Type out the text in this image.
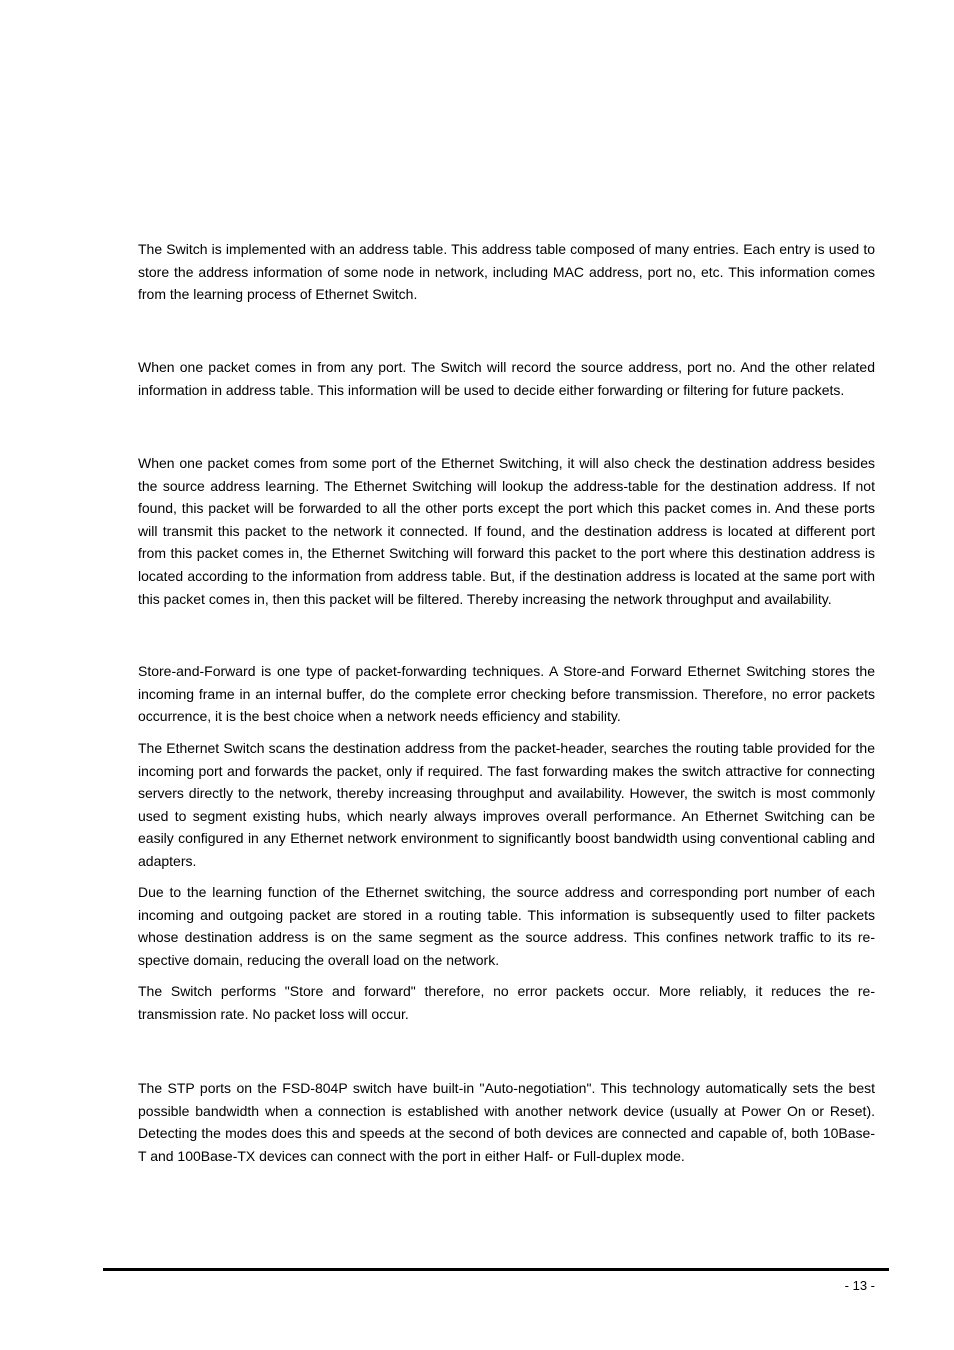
The Switch is implemented with an address table. This address table composed of many entries. Each entry is used to store the address information of some node in network, including MAC address, port no, etc. This information comes from the learning process of Ethernet Switch.

When one packet comes in from any port. The Switch will record the source address, port no. And the other related information in address table. This information will be used to decide either forwarding or filtering for future packets.

When one packet comes from some port of the Ethernet Switching, it will also check the destination address besides the source address learning. The Ethernet Switching will lookup the address-table for the destination address. If not found, this packet will be forwarded to all the other ports except the port which this packet comes in. And these ports will transmit this packet to the network it connected. If found, and the destination address is located at different port from this packet comes in, the Ethernet Switching will forward this packet to the port where this destination address is located according to the information from address table. But, if the destination address is located at the same port with this packet comes in, then this packet will be filtered. Thereby increasing the network throughput and availability.

Store-and-Forward is one type of packet-forwarding techniques. A Store-and Forward Ethernet Switching stores the incoming frame in an internal buffer, do the complete error checking before transmission. Therefore, no error packets occurrence, it is the best choice when a network needs efficiency and stability.

The Ethernet Switch scans the destination address from the packet-header, searches the routing table provided for the incoming port and forwards the packet, only if required. The fast forwarding makes the switch attractive for connecting servers directly to the network, thereby increasing throughput and availability. However, the switch is most commonly used to segment existing hubs, which nearly always improves overall performance. An Ethernet Switching can be easily configured in any Ethernet network environment to significantly boost bandwidth using conventional cabling and adapters.

Due to the learning function of the Ethernet switching, the source address and corresponding port number of each incoming and outgoing packet are stored in a routing table. This information is subsequently used to filter packets whose destination address is on the same segment as the source address. This confines network traffic to its re-spective domain, reducing the overall load on the network.

The Switch performs "Store and forward" therefore, no error packets occur. More reliably, it reduces the re-transmission rate. No packet loss will occur.

The STP ports on the FSD-804P switch have built-in "Auto-negotiation". This technology automatically sets the best possible bandwidth when a connection is established with another network device (usually at Power On or Reset). Detecting the modes does this and speeds at the second of both devices are connected and capable of, both 10Base-T and 100Base-TX devices can connect with the port in either Half- or Full-duplex mode.

- 13 -
